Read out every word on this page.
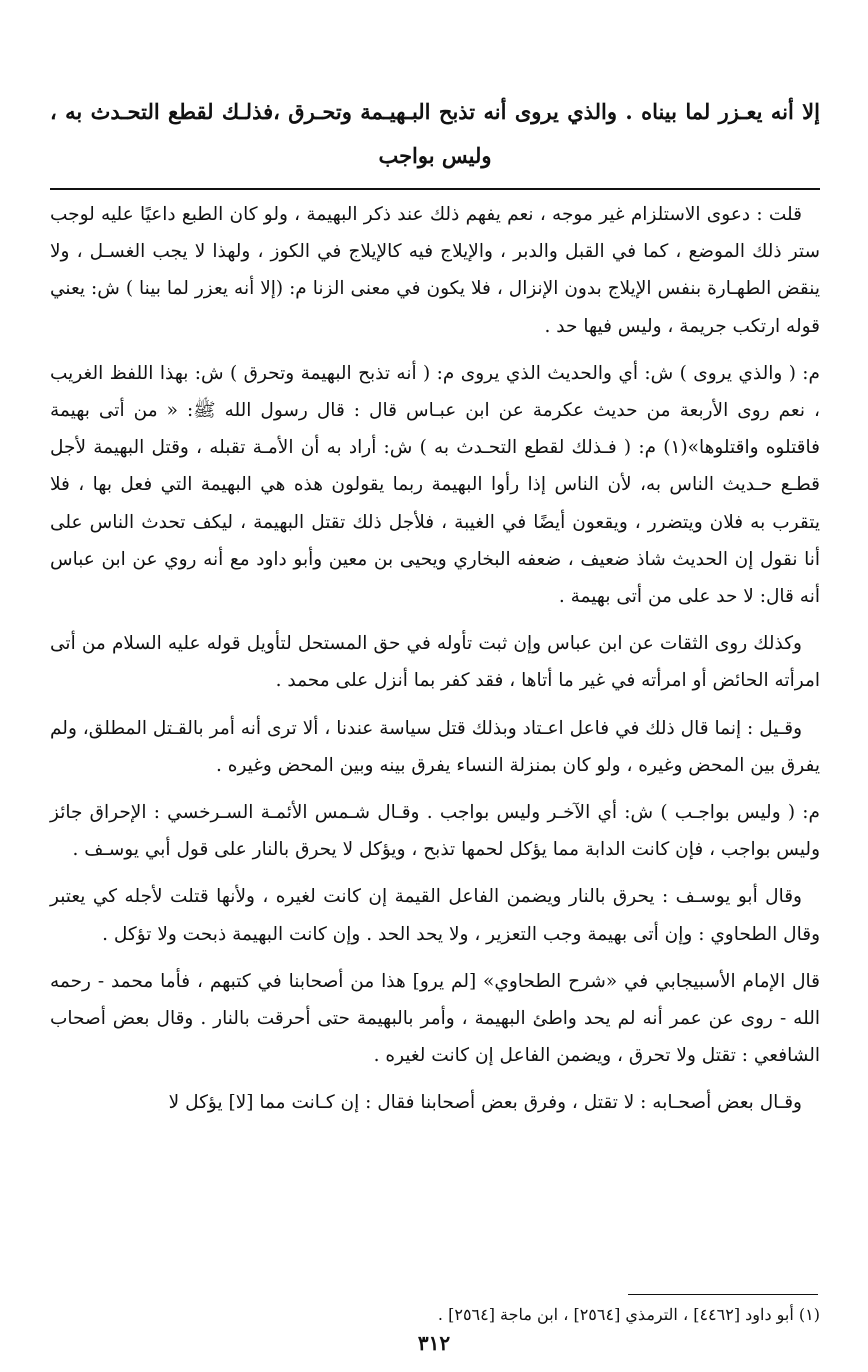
إلا أنه يعـزر لما بيناه . والذي يروى أنه تذبح البـهيـمة وتحـرق ،فذلـك لقطع التحـدث به ، وليس بواجب

قلت : دعوى الاستلزام غير موجه ، نعم يفهم ذلك عند ذكر البهيمة ، ولو كان الطبع داعيًا عليه لوجب ستر ذلك الموضع ، كما في القبل والدبر ، والإيلاج فيه كالإيلاج في الكوز ، ولهذا لا يجب الغسـل ، ولا ينقض الطهـارة بنفس الإيلاج بدون الإنزال ، فلا يكون في معنى الزنا م: (إلا أنه يعزر لما بينا ) ش: يعني قوله ارتكب جريمة ، وليس فيها حد .

م: ( والذي يروى ) ش: أي والحديث الذي يروى م: ( أنه تذبح البهيمة وتحرق ) ش: بهذا اللفظ الغريب ، نعم روى الأربعة من حديث عكرمة عن ابن عبـاس قال : قال رسول الله ﷺ: « من أتى بهيمة فاقتلوه واقتلوها»(١) م: ( فـذلك لقطع التحـدث به ) ش: أراد به أن الأمـة تقبله ، وقتل البهيمة لأجل قطـع حـديث الناس به، لأن الناس إذا رأوا البهيمة ربما يقولون هذه هي البهيمة التي فعل بها ، فلا يتقرب به فلان ويتضرر ، ويقعون أيضًا في الغيبة ، فلأجل ذلك تقتل البهيمة ، ليكف تحدث الناس على أنا نقول إن الحديث شاذ ضعيف ، ضعفه البخاري ويحيى بن معين وأبو داود مع أنه روي عن ابن عباس أنه قال: لا حد على من أتى بهيمة .

وكذلك روى الثقات عن ابن عباس وإن ثبت تأوله في حق المستحل لتأويل قوله عليه السلام من أتى امرأته الحائض أو امرأته في غير ما أتاها ، فقد كفر بما أنزل على محمد .

وقـيل : إنما قال ذلك في فاعل اعـتاد وبذلك قتل سياسة عندنا ، ألا ترى أنه أمر بالقـتل المطلق، ولم يفرق بين المحض وغيره ، ولو كان بمنزلة النساء يفرق بينه وبين المحض وغيره .

م: ( وليس بواجـب ) ش: أي الآخـر وليس بواجب . وقـال شـمس الأئمـة السـرخسي : الإحراق جائز وليس بواجب ، فإن كانت الدابة مما يؤكل لحمها تذبح ، ويؤكل لا يحرق بالنار على قول أبي يوسـف .

وقال أبو يوسـف : يحرق بالنار ويضمن الفاعل القيمة إن كانت لغيره ، ولأنها قتلت لأجله كي يعتبر وقال الطحاوي : وإن أتى بهيمة وجب التعزير ، ولا يحد الحد . وإن كانت البهيمة ذبحت ولا تؤكل .

قال الإمام الأسبيجابي في «شرح الطحاوي» [لم يرو] هذا من أصحابنا في كتبهم ، فأما محمد - رحمه الله - روى عن عمر أنه لم يحد واطئ البهيمة ، وأمر بالبهيمة حتى أحرقت بالنار . وقال بعض أصحاب الشافعي : تقتل ولا تحرق ، ويضمن الفاعل إن كانت لغيره .

وقـال بعض أصحـابه : لا تقتل ، وفرق بعض أصحابنا فقال : إن كـانت مما [لا] يؤكل لا

(١) أبو داود [٤٤٦٢] ، الترمذي [٢٥٦٤] ، ابن ماجة [٢٥٦٤] .

٣١٢
